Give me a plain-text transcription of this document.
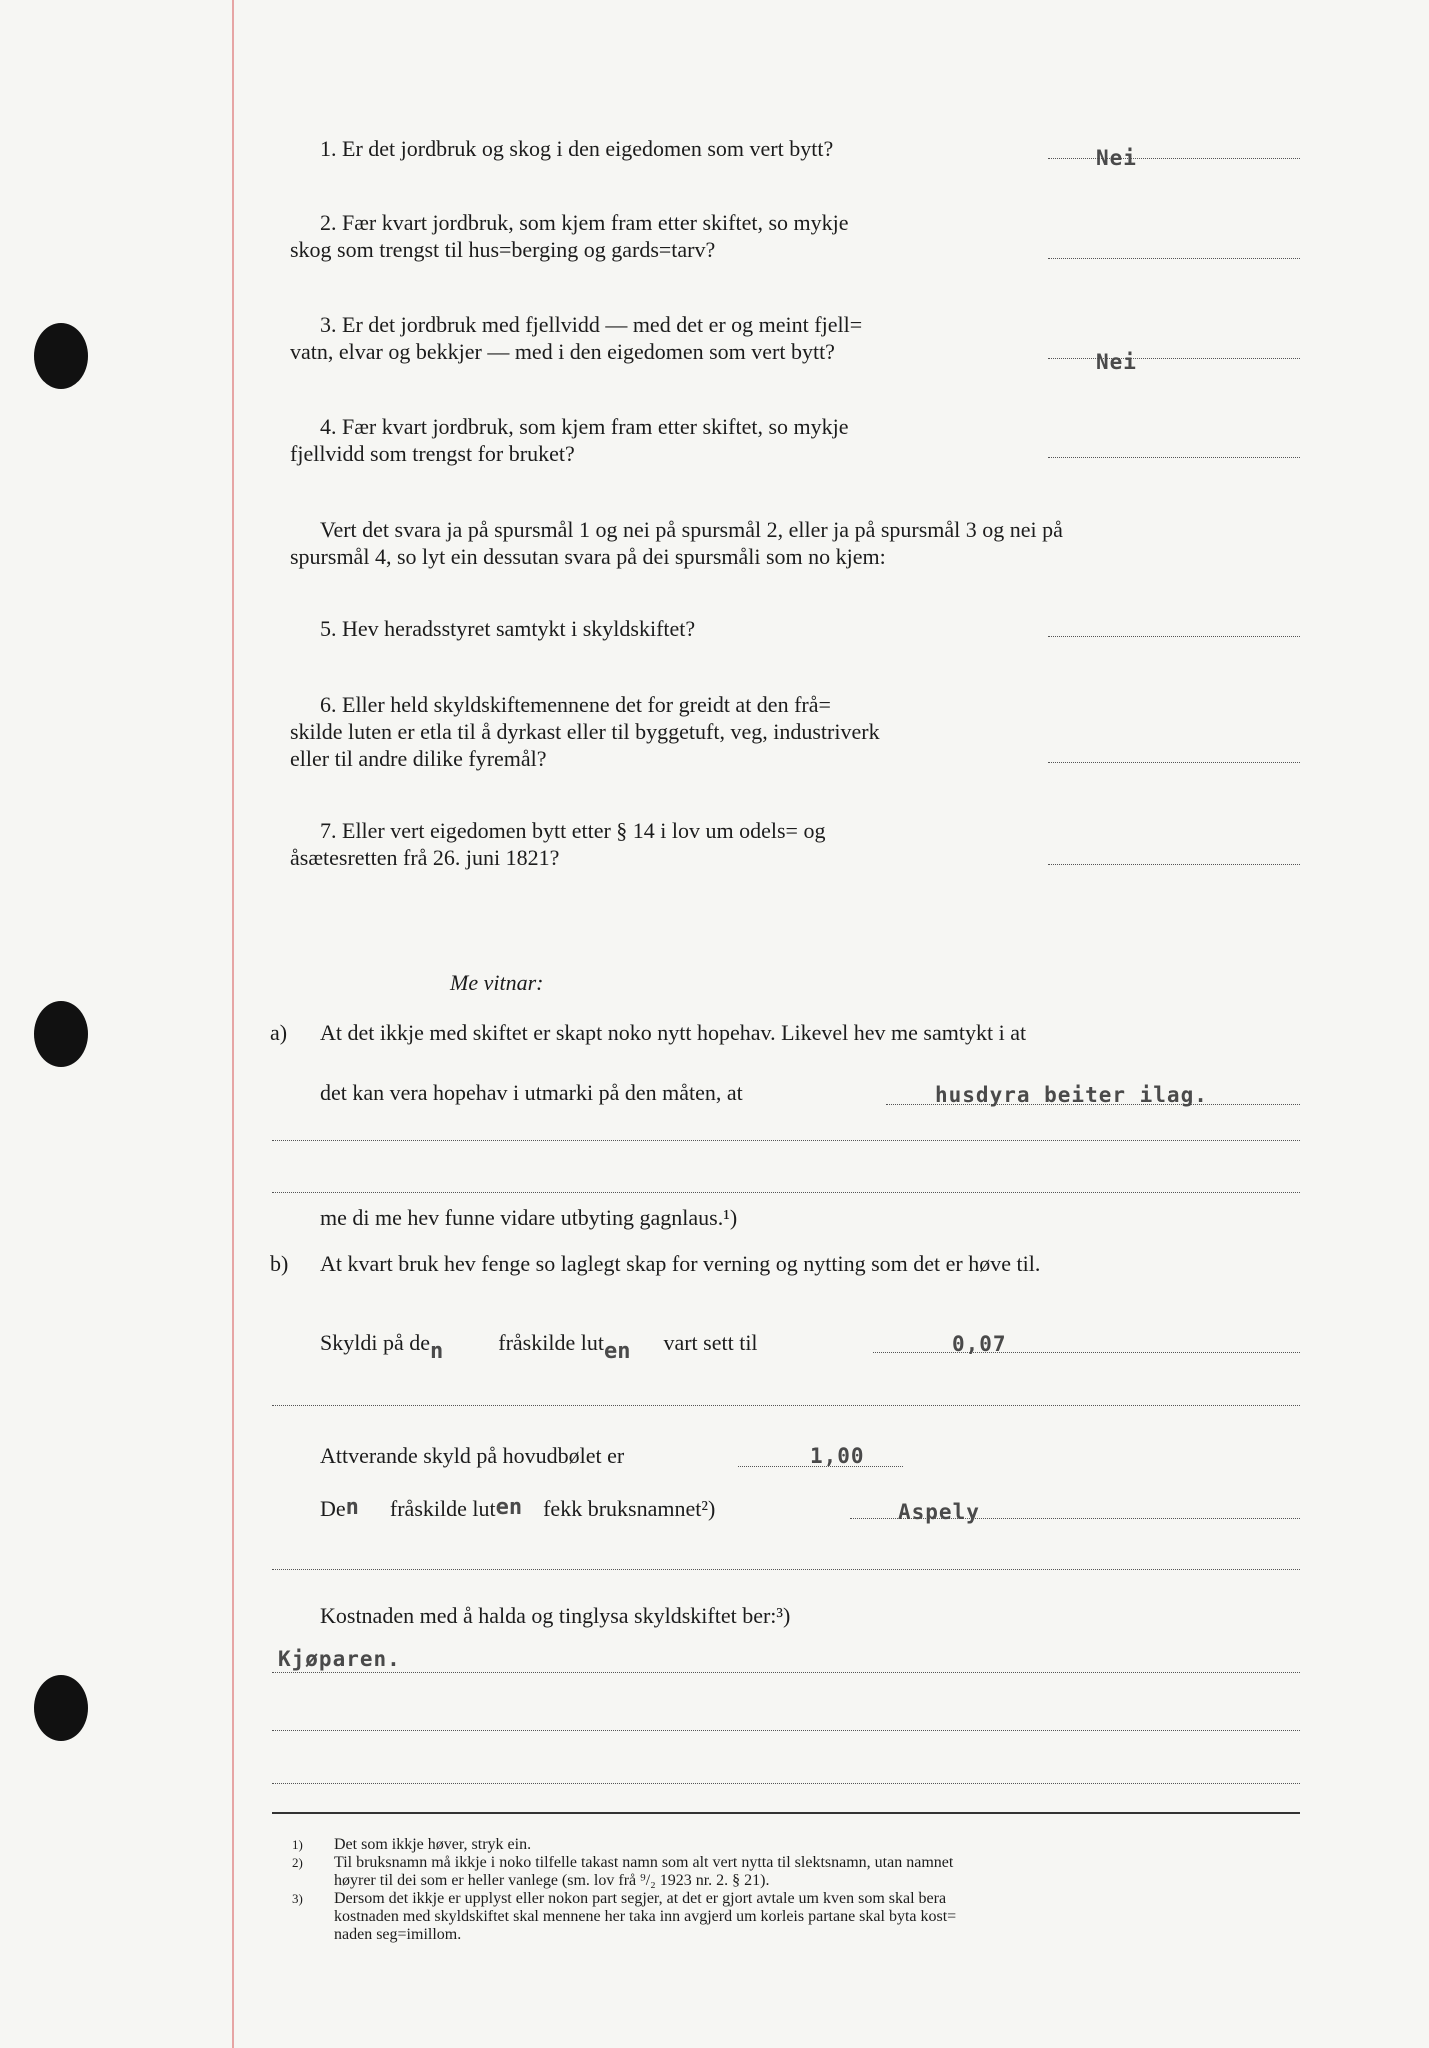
1. Er det jordbruk og skog i den eigedomen som vert bytt?	Nei
2. Fær kvart jordbruk, som kjem fram etter skiftet, so mykje
skog som trengst til hus=berging og gards=tarv?
3. Er det jordbruk med fjellvidd — med det er og meint fjell=
vatn, elvar og bekkjer — med i den eigedomen som vert bytt?	Nei
4. Fær kvart jordbruk, som kjem fram etter skiftet, so mykje
fjellvidd som trengst for bruket?
Vert det svara ja på spursmål 1 og nei på spursmål 2, eller ja på spursmål 3 og nei på
spursmål 4, so lyt ein dessutan svara på dei spursmåli som no kjem:
5. Hev heradsstyret samtykt i skyldskiftet?
6. Eller held skyldskiftemennene det for greidt at den frå=
skilde luten er etla til å dyrkast eller til byggetuft, veg, industriverk
eller til andre dilike fyremål?
7. Eller vert eigedomen bytt etter § 14 i lov um odels= og
åsætesretten frå 26. juni 1821?
Me vitnar:
a) At det ikkje med skiftet er skapt noko nytt hopehav. Likevel hev me samtykt i at
det kan vera hopehav i utmarki på den måten, at	husdyra beiter ilag.
me di me hev funne vidare utbyting gagnlaus.¹)
b) At kvart bruk hev fenge so laglegt skap for verning og nytting som det er høve til.
Skyldi på den	fråskilde luten vart sett til	0,07
Attverande skyld på hovudbølet er	1,00
Den fråskilde luten fekk bruksnamnet²)	Aspely
Kostnaden med å halda og tinglysa skyldskiftet ber:³)
Kjøparen.
1) Det som ikkje høver, stryk ein.
2) Til bruksnamn må ikkje i noko tilfelle takast namn som alt vert nytta til slektsnamn, utan namnet
høyrer til dei som er heller vanlege (sm. lov frå ⁹/₂ 1923 nr. 2. § 21).
3) Dersom det ikkje er upplyst eller nokon part segjer, at det er gjort avtale um kven som skal bera
kostnaden med skyldskiftet skal mennene her taka inn avgjerd um korleis partane skal byta kost=
naden seg=imillom.
